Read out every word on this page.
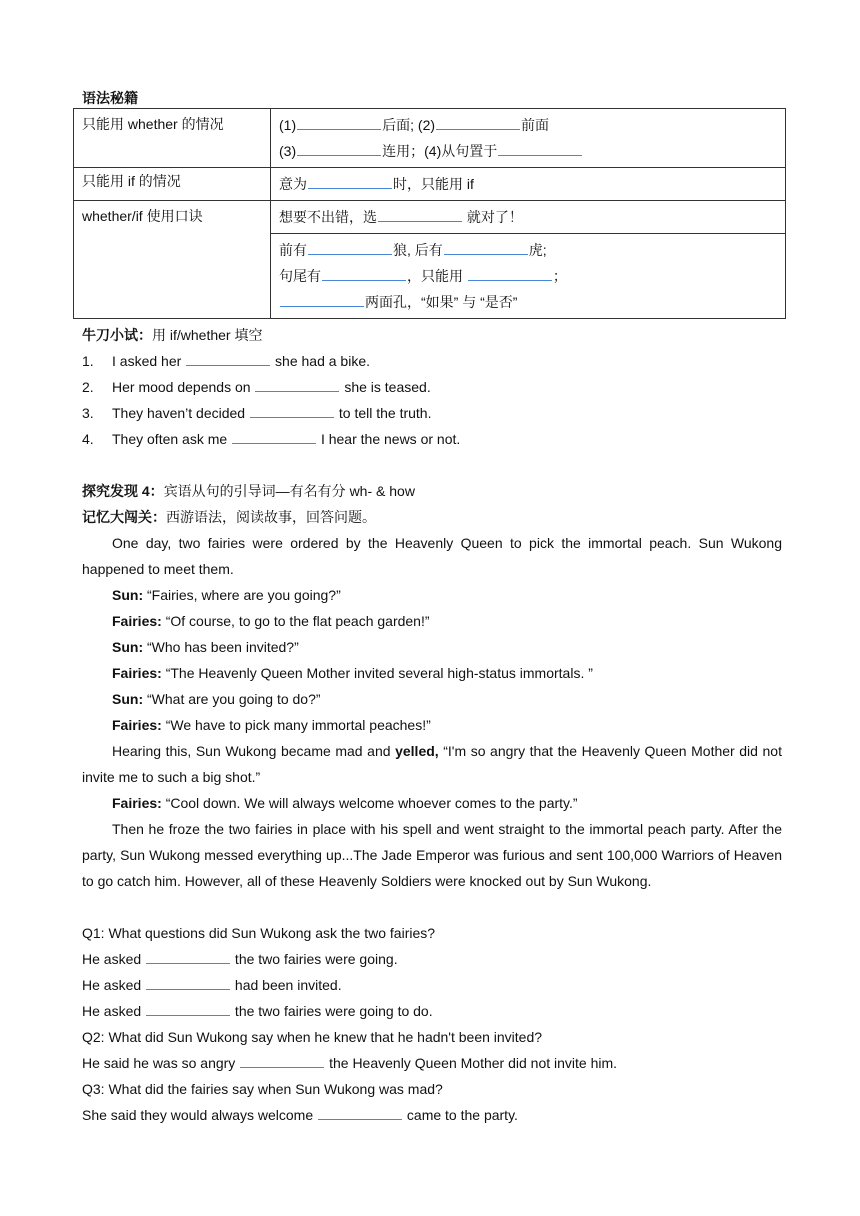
语法秘籍
只能用 whether 的情况	(1) 后面; (2) 前面
(3) 连用；(4)从句置于

只能用 if 的情况	意为 时，只能用 if

whether/if 使用口诀	想要不出错，选 就对了！

	前有 狼, 后有 虎;
句尾有 ，只能用 ；
两面孔，“如果” 与 “是否”
牛刀小试：用 if/whether 填空
1. I asked her	she had a bike.
2. Her mood depends on	she is teased.
3. They haven’t decided	to tell the truth.
4. They often ask me	I hear the news or not.
探究发现 4：宾语从句的引导词—有名有分 wh- & how
记忆大闯关：西游语法，阅读故事，回答问题。
One day, two fairies were ordered by the Heavenly Queen to pick the immortal peach. Sun Wukong happened to meet them.
Sun: “Fairies, where are you going?”
Fairies: “Of course, to go to the flat peach garden!”
Sun: “Who has been invited?”
Fairies: “The Heavenly Queen Mother invited several high-status immortals. ”
Sun: “What are you going to do?”
Fairies: “We have to pick many immortal peaches!”
Hearing this, Sun Wukong became mad and yelled, “I'm so angry that the Heavenly Queen Mother did not invite me to such a big shot.”
Fairies: “Cool down. We will always welcome whoever comes to the party.”
Then he froze the two fairies in place with his spell and went straight to the immortal peach party. After the party, Sun Wukong messed everything up...The Jade Emperor was furious and sent 100,000 Warriors of Heaven to go catch him. However, all of these Heavenly Soldiers were knocked out by Sun Wukong.
Q1: What questions did Sun Wukong ask the two fairies?
He asked	the two fairies were going.
He asked	had been invited.
He asked	the two fairies were going to do.
Q2: What did Sun Wukong say when he knew that he hadn't been invited?
He said he was so angry	the Heavenly Queen Mother did not invite him.
Q3: What did the fairies say when Sun Wukong was mad?
She said they would always welcome	came to the party.
